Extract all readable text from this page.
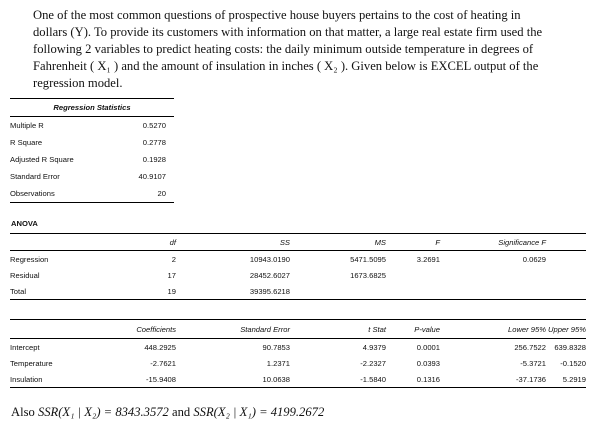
One of the most common questions of prospective house buyers pertains to the cost of heating in

dollars (Y). To provide its customers with information on that matter, a large real estate firm used the

following 2 variables to predict heating costs: the daily minimum outside temperature in degrees of

Fahrenheit ( X₁ ) and the amount of insulation in inches ( X₂ ). Given below is EXCEL output of the

regression model.

Regression Statistics	
Multiple R	0.5270
R Square	0.2778
Adjusted R Square	0.1928
Standard Error	40.9107
Observations	20
ANOVA
	df	SS	MS	F	Significance F	
Regression	2	10943.0190	5471.5095	3.2691	0.0629	
Residual	17	28452.6027	1673.6825			
Total	19	39395.6218				
	Coefficients	Standard Error	t Stat	P-value	Lower 95%	Upper 95%
Intercept	448.2925	90.7853	4.9379	0.0001	256.7522	639.8328
Temperature	-2.7621	1.2371	-2.2327	0.0393	-5.3721	-0.1520
Insulation	-15.9408	10.0638	-1.5840	0.1316	-37.1736	5.2919
Also SSR(X₁ | X₂) = 8343.3572 and SSR(X₂ | X₁) = 4199.2672
